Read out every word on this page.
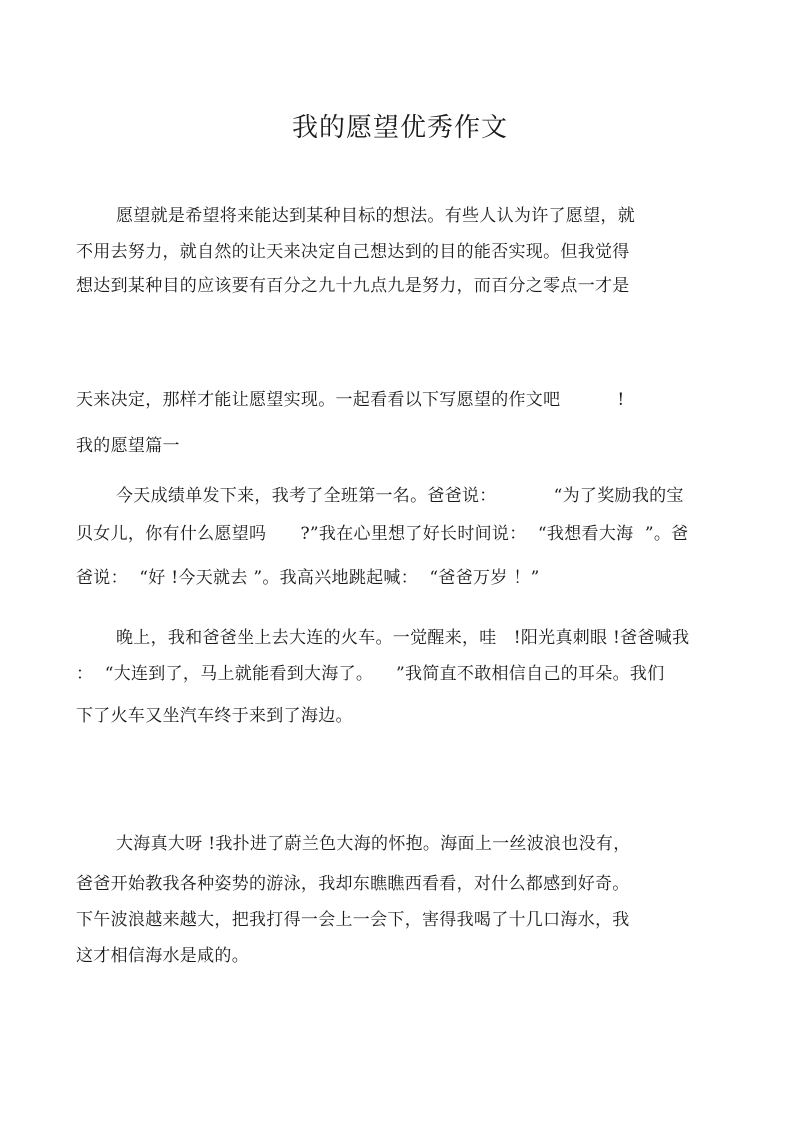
我的愿望优秀作文
愿望就是希望将来能达到某种目标的想法。有些人认为许了愿望，就
不用去努力，就自然的让天来决定自己想达到的目的能否实现。但我觉得
想达到某种目的应该要有百分之九十九点九是努力，而百分之零点一才是
天来决定，那样才能让愿望实现。一起看看以下写愿望的作文吧          !
我的愿望篇一
今天成绩单发下来，我考了全班第一名。爸爸说：          “为了奖励我的宝
贝女儿，你有什么愿望吗      ?”我在心里想了好长时间说：  “我想看大海  ”。爸
爸说：  “好 !今天就去 ”。我高兴地跳起喊：  “爸爸万岁 ！”
晚上，我和爸爸坐上去大连的火车。一觉醒来，哇   !阳光真刺眼 !爸爸喊我
：  “大连到了，马上就能看到大海了。    ”我简直不敢相信自己的耳朵。我们
下了火车又坐汽车终于来到了海边。
大海真大呀 !我扑进了蔚兰色大海的怀抱。海面上一丝波浪也没有，
爸爸开始教我各种姿势的游泳，我却东瞧瞧西看看，对什么都感到好奇。
下午波浪越来越大，把我打得一会上一会下，害得我喝了十几口海水，我
这才相信海水是咸的。
